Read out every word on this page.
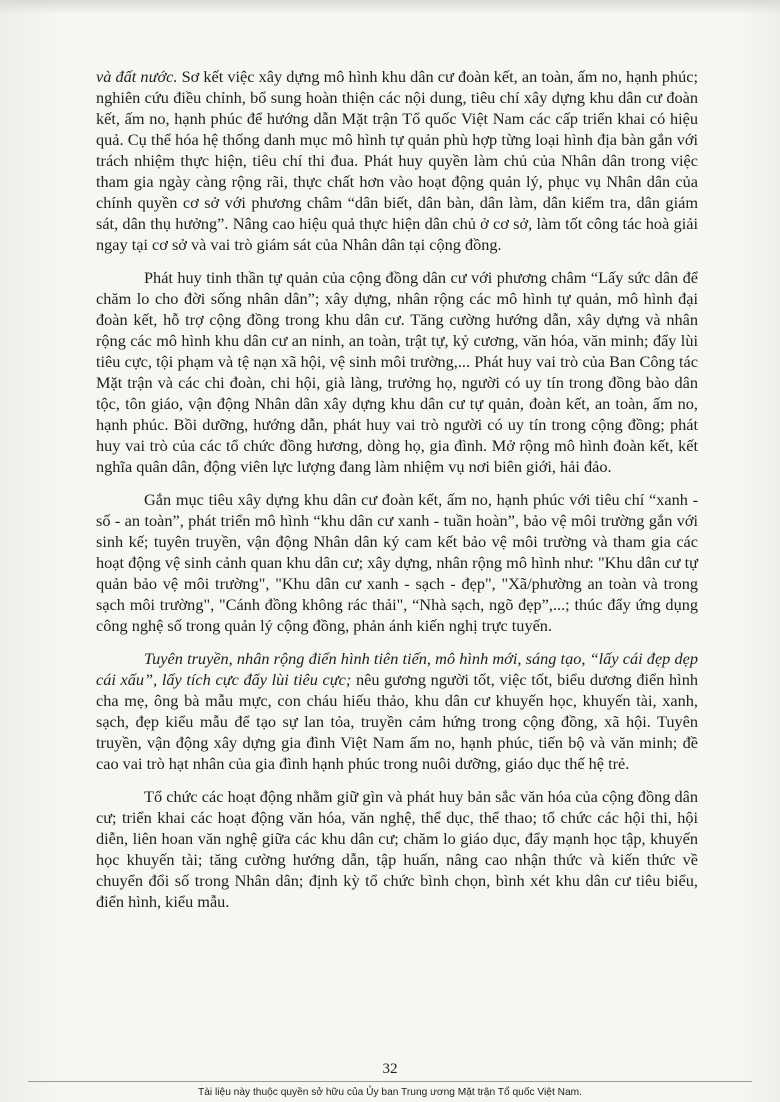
và đất nước. Sơ kết việc xây dựng mô hình khu dân cư đoàn kết, an toàn, ấm no, hạnh phúc; nghiên cứu điều chỉnh, bổ sung hoàn thiện các nội dung, tiêu chí xây dựng khu dân cư đoàn kết, ấm no, hạnh phúc để hướng dẫn Mặt trận Tổ quốc Việt Nam các cấp triển khai có hiệu quả. Cụ thể hóa hệ thống danh mục mô hình tự quản phù hợp từng loại hình địa bàn gắn với trách nhiệm thực hiện, tiêu chí thi đua. Phát huy quyền làm chủ của Nhân dân trong việc tham gia ngày càng rộng rãi, thực chất hơn vào hoạt động quản lý, phục vụ Nhân dân của chính quyền cơ sở với phương châm “dân biết, dân bàn, dân làm, dân kiểm tra, dân giám sát, dân thụ hưởng”. Nâng cao hiệu quả thực hiện dân chủ ở cơ sở, làm tốt công tác hoà giải ngay tại cơ sở và vai trò giám sát của Nhân dân tại cộng đồng.

Phát huy tinh thần tự quản của cộng đồng dân cư với phương châm “Lấy sức dân để chăm lo cho đời sống nhân dân”; xây dựng, nhân rộng các mô hình tự quản, mô hình đại đoàn kết, hỗ trợ cộng đồng trong khu dân cư. Tăng cường hướng dẫn, xây dựng và nhân rộng các mô hình khu dân cư an ninh, an toàn, trật tự, kỷ cương, văn hóa, văn minh; đẩy lùi tiêu cực, tội phạm và tệ nạn xã hội, vệ sinh môi trường,... Phát huy vai trò của Ban Công tác Mặt trận và các chi đoàn, chi hội, già làng, trưởng họ, người có uy tín trong đồng bào dân tộc, tôn giáo, vận động Nhân dân xây dựng khu dân cư tự quản, đoàn kết, an toàn, ấm no, hạnh phúc. Bồi dưỡng, hướng dẫn, phát huy vai trò người có uy tín trong cộng đồng; phát huy vai trò của các tổ chức đồng hương, dòng họ, gia đình. Mở rộng mô hình đoàn kết, kết nghĩa quân dân, động viên lực lượng đang làm nhiệm vụ nơi biên giới, hải đảo.

Gắn mục tiêu xây dựng khu dân cư đoàn kết, ấm no, hạnh phúc với tiêu chí “xanh - số - an toàn”, phát triển mô hình “khu dân cư xanh - tuần hoàn”, bảo vệ môi trường gắn với sinh kế; tuyên truyền, vận động Nhân dân ký cam kết bảo vệ môi trường và tham gia các hoạt động vệ sinh cảnh quan khu dân cư; xây dựng, nhân rộng mô hình như: "Khu dân cư tự quản bảo vệ môi trường", "Khu dân cư xanh - sạch - đẹp", "Xã/phường an toàn và trong sạch môi trường", "Cánh đồng không rác thải", “Nhà sạch, ngõ đẹp”,...; thúc đẩy ứng dụng công nghệ số trong quản lý cộng đồng, phản ánh kiến nghị trực tuyến.

Tuyên truyền, nhân rộng điển hình tiên tiến, mô hình mới, sáng tạo, “lấy cái đẹp dẹp cái xấu”, lấy tích cực đẩy lùi tiêu cực; nêu gương người tốt, việc tốt, biểu dương điển hình cha mẹ, ông bà mẫu mực, con cháu hiếu thảo, khu dân cư khuyến học, khuyến tài, xanh, sạch, đẹp kiểu mẫu để tạo sự lan tỏa, truyền cảm hứng trong cộng đồng, xã hội. Tuyên truyền, vận động xây dựng gia đình Việt Nam ấm no, hạnh phúc, tiến bộ và văn minh; đề cao vai trò hạt nhân của gia đình hạnh phúc trong nuôi dưỡng, giáo dục thế hệ trẻ.

Tổ chức các hoạt động nhằm giữ gìn và phát huy bản sắc văn hóa của cộng đồng dân cư; triển khai các hoạt động văn hóa, văn nghệ, thể dục, thể thao; tổ chức các hội thi, hội diễn, liên hoan văn nghệ giữa các khu dân cư; chăm lo giáo dục, đẩy mạnh học tập, khuyến học khuyến tài; tăng cường hướng dẫn, tập huấn, nâng cao nhận thức và kiến thức về chuyển đổi số trong Nhân dân; định kỳ tổ chức bình chọn, bình xét khu dân cư tiêu biểu, điển hình, kiểu mẫu.

32
Tài liệu này thuộc quyền sở hữu của Ủy ban Trung ương Mặt trận Tổ quốc Việt Nam.
